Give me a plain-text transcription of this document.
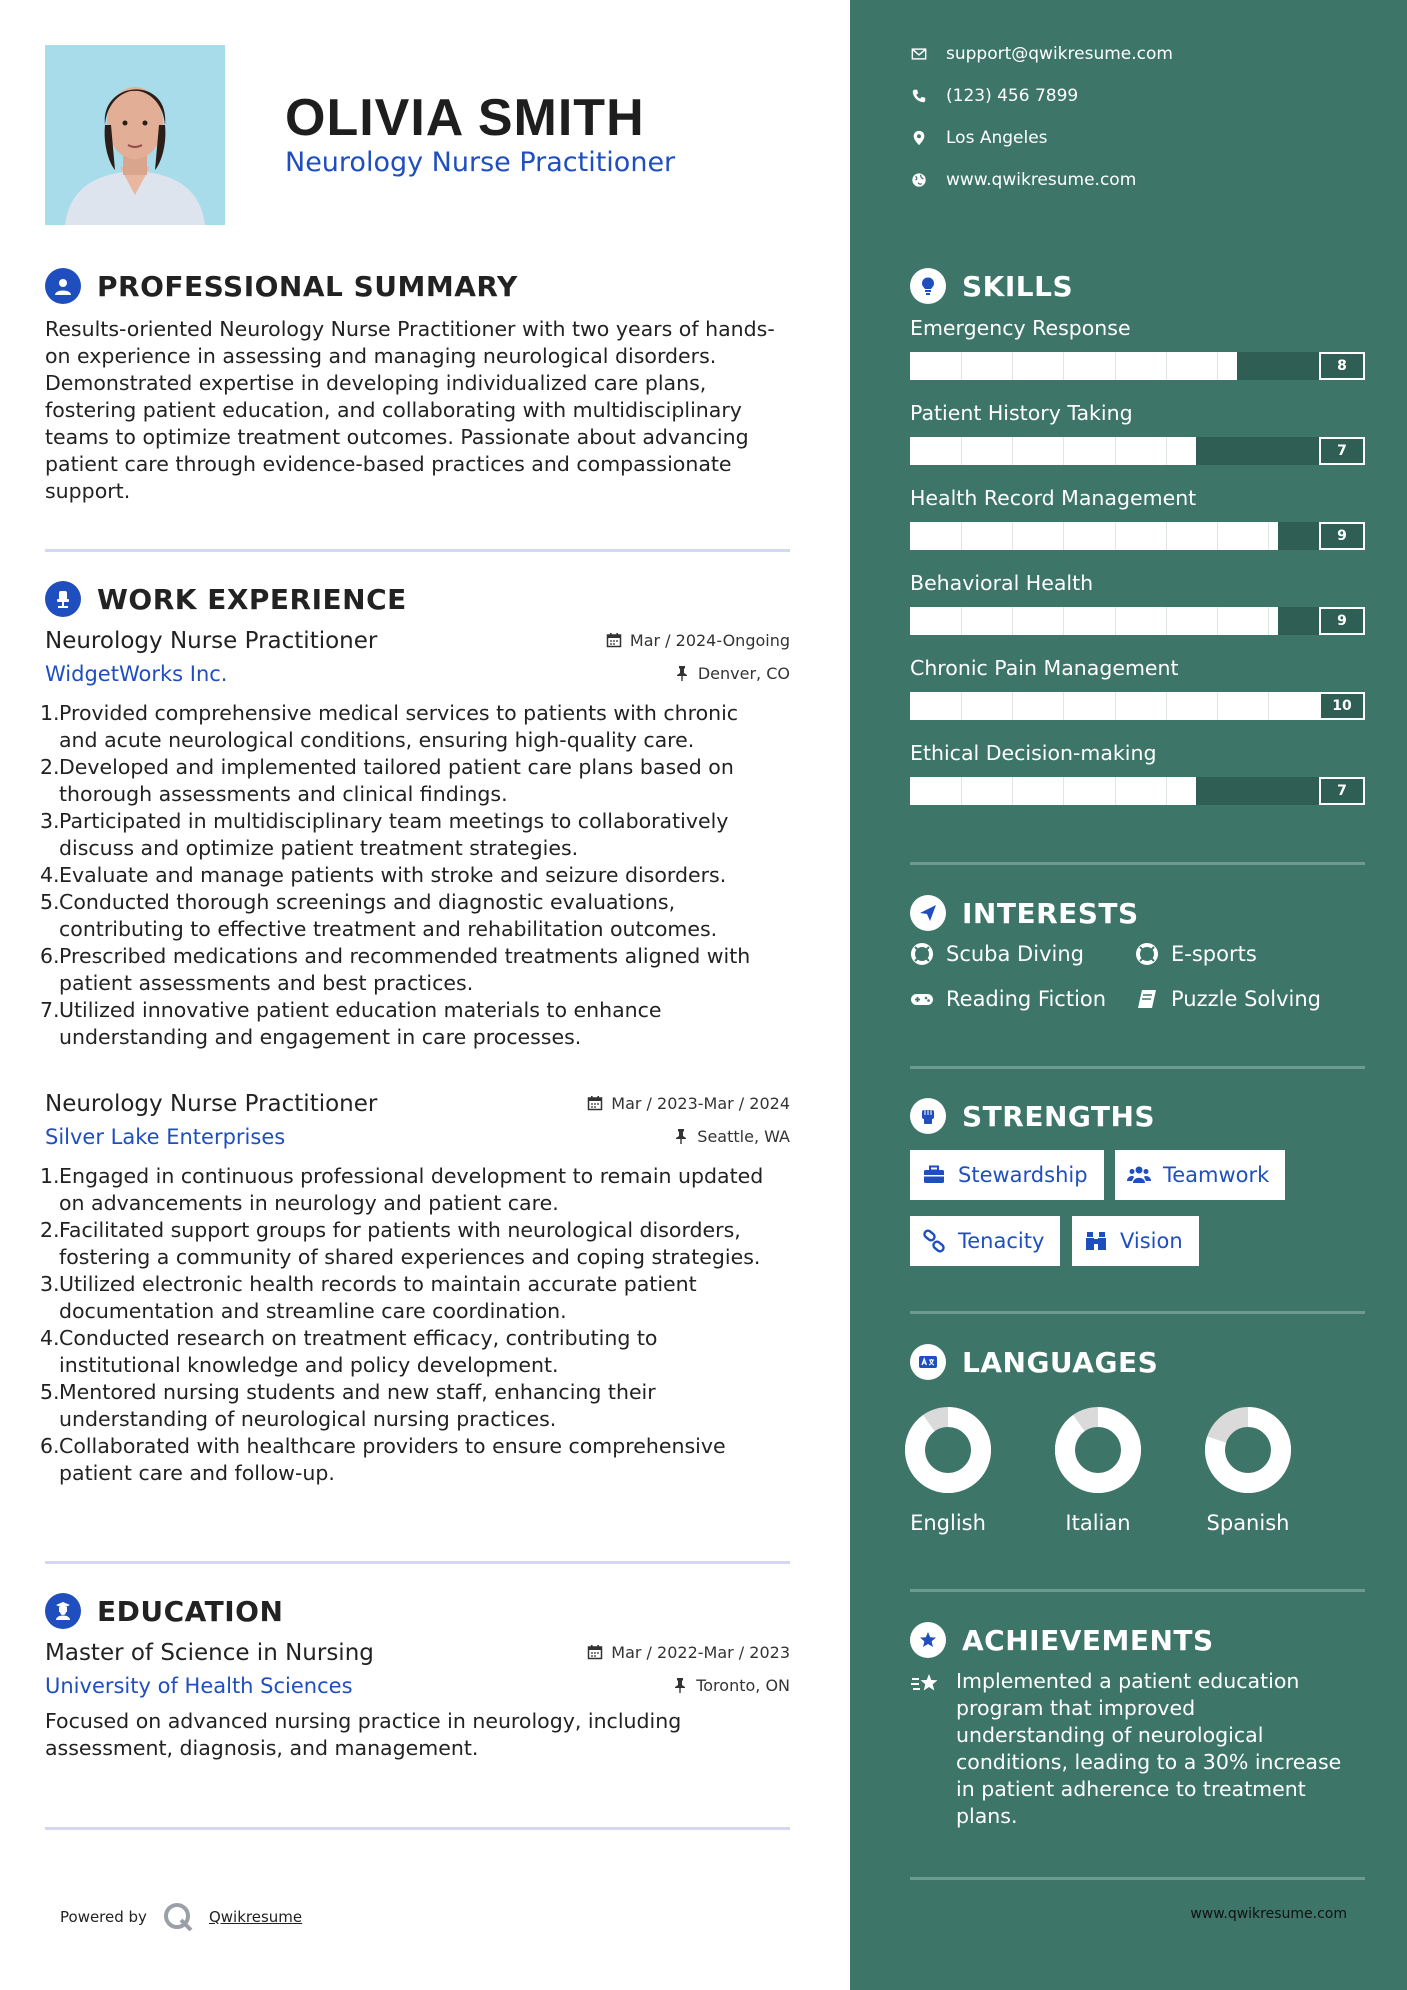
OLIVIA SMITH
Neurology Nurse Practitioner
PROFESSIONAL SUMMARY
Results-oriented Neurology Nurse Practitioner with two years of hands-
on experience in assessing and managing neurological disorders.
Demonstrated expertise in developing individualized care plans,
fostering patient education, and collaborating with multidisciplinary
teams to optimize treatment outcomes. Passionate about advancing
patient care through evidence-based practices and compassionate
support.
WORK EXPERIENCE
Neurology Nurse Practitioner	Mar / 2024-Ongoing
WidgetWorks Inc.	Denver, CO
1. Provided comprehensive medical services to patients with chronic
and acute neurological conditions, ensuring high-quality care.
2. Developed and implemented tailored patient care plans based on
thorough assessments and clinical findings.
3. Participated in multidisciplinary team meetings to collaboratively
discuss and optimize patient treatment strategies.
4. Evaluate and manage patients with stroke and seizure disorders.
5. Conducted thorough screenings and diagnostic evaluations,
contributing to effective treatment and rehabilitation outcomes.
6. Prescribed medications and recommended treatments aligned with
patient assessments and best practices.
7. Utilized innovative patient education materials to enhance
understanding and engagement in care processes.
Neurology Nurse Practitioner	Mar / 2023-Mar / 2024
Silver Lake Enterprises	Seattle, WA
1. Engaged in continuous professional development to remain updated
on advancements in neurology and patient care.
2. Facilitated support groups for patients with neurological disorders,
fostering a community of shared experiences and coping strategies.
3. Utilized electronic health records to maintain accurate patient
documentation and streamline care coordination.
4. Conducted research on treatment efficacy, contributing to
institutional knowledge and policy development.
5. Mentored nursing students and new staff, enhancing their
understanding of neurological nursing practices.
6. Collaborated with healthcare providers to ensure comprehensive
patient care and follow-up.
EDUCATION
Master of Science in Nursing	Mar / 2022-Mar / 2023
University of Health Sciences	Toronto, ON
Focused on advanced nursing practice in neurology, including
assessment, diagnosis, and management.
Powered by	Qwikresume
support@qwikresume.com
(123) 456 7899
Los Angeles
www.qwikresume.com
SKILLS
Emergency Response
8
Patient History Taking
7
Health Record Management
9
Behavioral Health
9
Chronic Pain Management
10
Ethical Decision-making
7
INTERESTS
Scuba Diving	E-sports
Reading Fiction	Puzzle Solving
STRENGTHS
Stewardship	Teamwork
Tenacity	Vision
LANGUAGES
English	Italian	Spanish
ACHIEVEMENTS
Implemented a patient education
program that improved
understanding of neurological
conditions, leading to a 30% increase
in patient adherence to treatment
plans.
www.qwikresume.com
